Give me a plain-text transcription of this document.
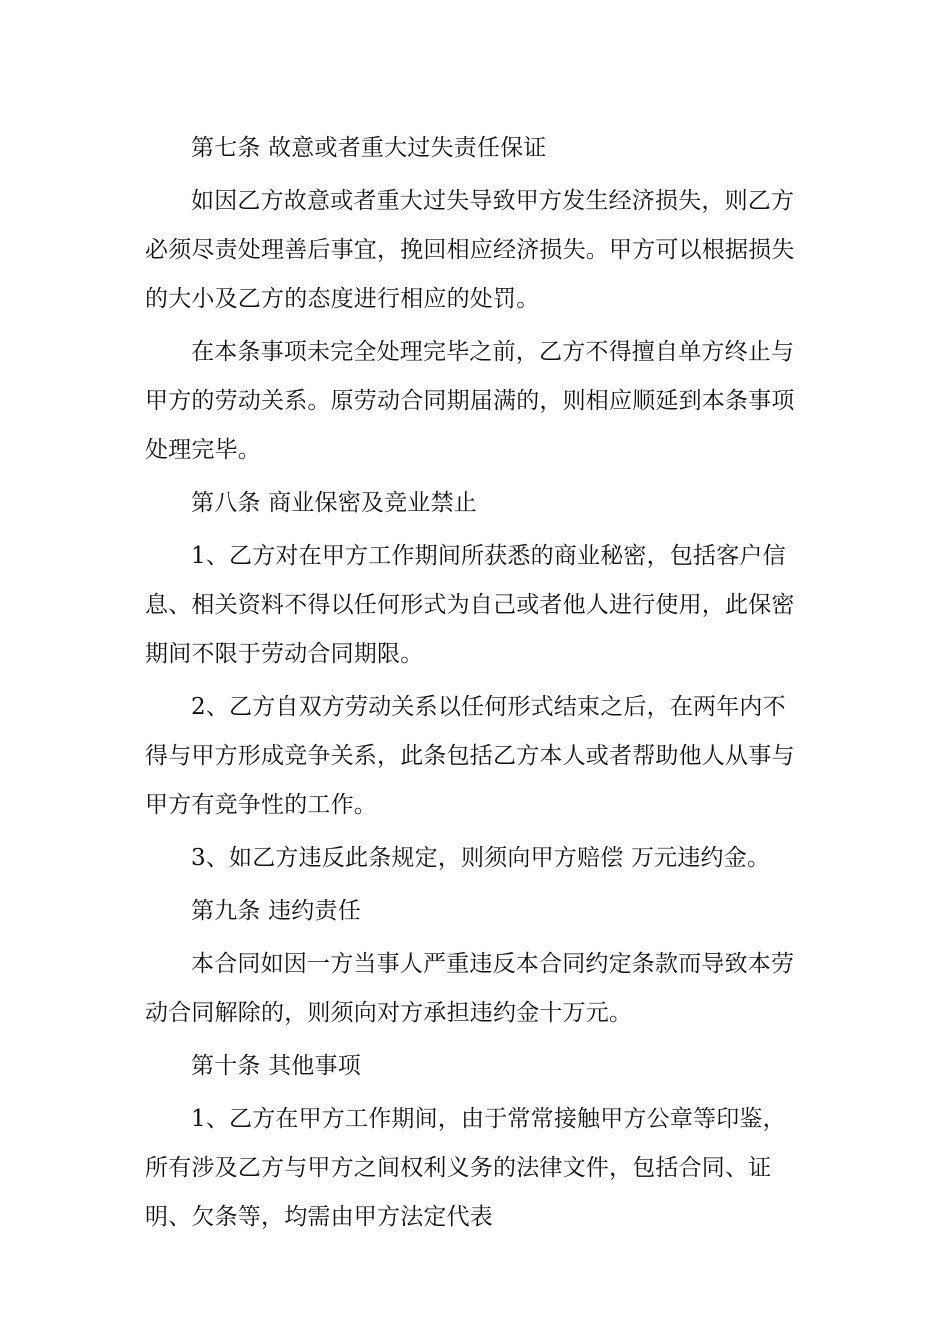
第七条 故意或者重大过失责任保证

如因乙方故意或者重大过失导致甲方发生经济损失，则乙方必须尽责处理善后事宜，挽回相应经济损失。甲方可以根据损失的大小及乙方的态度进行相应的处罚。

在本条事项未完全处理完毕之前，乙方不得擅自单方终止与甲方的劳动关系。原劳动合同期届满的，则相应顺延到本条事项处理完毕。

第八条 商业保密及竞业禁止

1、乙方对在甲方工作期间所获悉的商业秘密，包括客户信息、相关资料不得以任何形式为自己或者他人进行使用，此保密期间不限于劳动合同期限。

2、乙方自双方劳动关系以任何形式结束之后，在两年内不得与甲方形成竞争关系，此条包括乙方本人或者帮助他人从事与甲方有竞争性的工作。

3、如乙方违反此条规定，则须向甲方赔偿 万元违约金。

第九条 违约责任

本合同如因一方当事人严重违反本合同约定条款而导致本劳动合同解除的，则须向对方承担违约金十万元。

第十条 其他事项

1、乙方在甲方工作期间，由于常常接触甲方公章等印鉴，所有涉及乙方与甲方之间权利义务的法律文件，包括合同、证明、欠条等，均需由甲方法定代表
